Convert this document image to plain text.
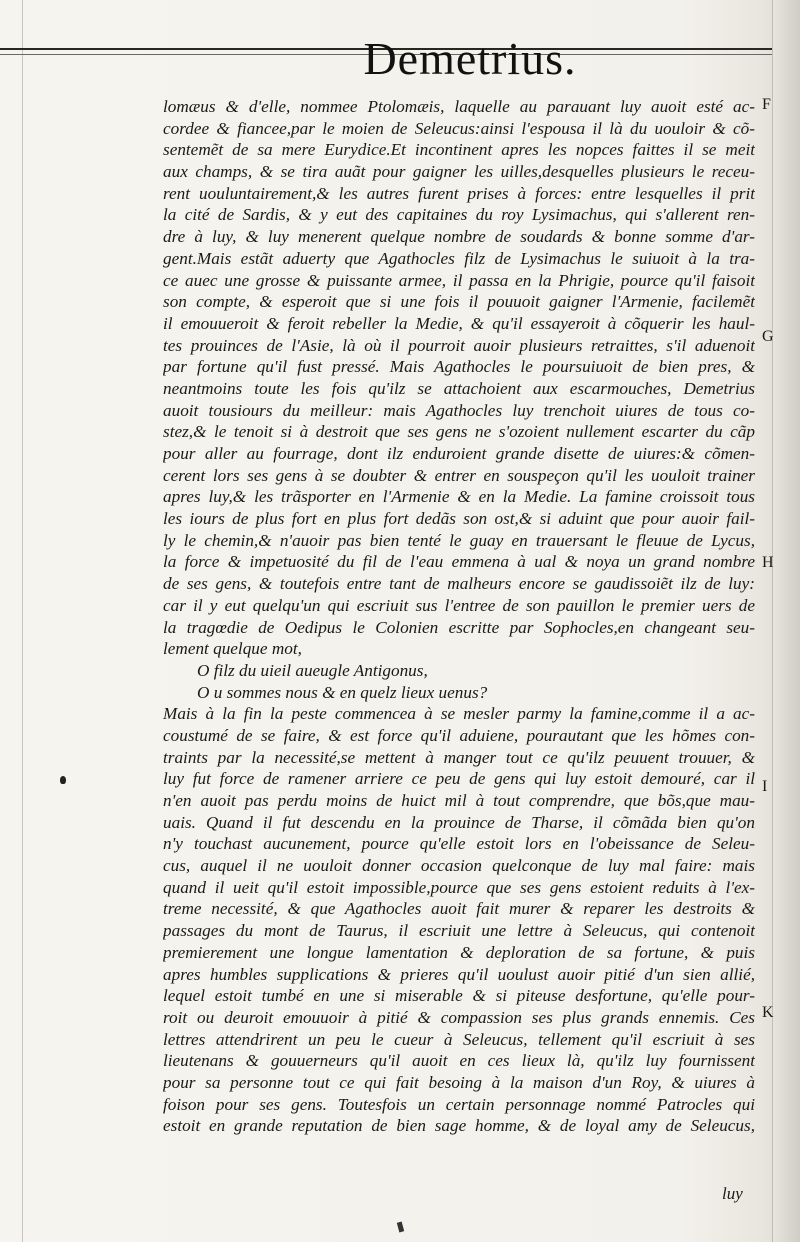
Demetrius.
lomæus & d'elle, nommee Ptolomæis, laquelle au parauant luy auoit esté ac-
cordee & fiancee,par le moien de Seleucus:ainsi l'espousa il là du uouloir & cõ-
sentemẽt de sa mere Eurydice.Et incontinent apres les nopces faittes il se meit
aux champs, & se tira auãt pour gaigner les uilles,desquelles plusieurs le receu-
rent uouluntairement,& les autres furent prises à forces: entre lesquelles il prit
la cité de Sardis, & y eut des capitaines du roy Lysimachus, qui s'allerent ren-
dre à luy, & luy menerent quelque nombre de soudards & bonne somme d'ar-
gent.Mais estãt aduerty que Agathocles filz de Lysimachus le suiuoit à la tra-
ce auec une grosse & puissante armee, il passa en la Phrigie, pource qu'il faisoit
son compte, & esperoit que si une fois il pouuoit gaigner l'Armenie, facilemẽt
il emouueroit & feroit rebeller la Medie, & qu'il essayeroit à cõquerir les haul-
tes prouinces de l'Asie, là où il pourroit auoir plusieurs retraittes, s'il aduenoit
par fortune qu'il fust pressé. Mais Agathocles le poursuiuoit de bien pres, &
neantmoins toute les fois qu'ilz se attachoient aux escarmouches, Demetrius
auoit tousiours du meilleur: mais Agathocles luy trenchoit uiures de tous co-
stez,& le tenoit si à destroit que ses gens ne s'ozoient nullement escarter du cãp
pour aller au fourrage, dont ilz enduroient grande disette de uiures:& cõmen-
cerent lors ses gens à se doubter & entrer en souspeçon qu'il les uouloit trainer
apres luy,& les trãsporter en l'Armenie & en la Medie. La famine croissoit tous
les iours de plus fort en plus fort dedãs son ost,& si aduint que pour auoir fail-
ly le chemin,& n'auoir pas bien tenté le guay en trauersant le fleuue de Lycus,
la force & impetuosité du fil de l'eau emmena à ual & noya un grand nombre
de ses gens, & toutefois entre tant de malheurs encore se gaudissoiẽt ilz de luy:
car il y eut quelqu'un qui escriuit sus l'entree de son pauillon le premier uers de
la tragœdie de Oedipus le Colonien escritte par Sophocles,en changeant seu-
lement quelque mot,
O filz du uieil aueugle Antigonus,
O u sommes nous & en quelz lieux uenus?
Mais à la fin la peste commencea à se mesler parmy la famine,comme il a ac-
coustumé de se faire, & est force qu'il aduiene, pourautant que les hõmes con-
traints par la necessité,se mettent à manger tout ce qu'ilz peuuent trouuer, &
luy fut force de ramener arriere ce peu de gens qui luy estoit demouré, car il
n'en auoit pas perdu moins de huict mil à tout comprendre, que bõs,que mau-
uais. Quand il fut descendu en la prouince de Tharse, il cõmãda bien qu'on
n'y touchast aucunement, pource qu'elle estoit lors en l'obeissance de Seleu-
cus, auquel il ne uouloit donner occasion quelconque de luy mal faire: mais
quand il ueit qu'il estoit impossible,pource que ses gens estoient reduits à l'ex-
treme necessité, & que Agathocles auoit fait murer & reparer les destroits &
passages du mont de Taurus, il escriuit une lettre à Seleucus, qui contenoit
premierement une longue lamentation & deploration de sa fortune, & puis
apres humbles supplications & prieres qu'il uoulust auoir pitié d'un sien allié,
lequel estoit tumbé en une si miserable & si piteuse desfortune, qu'elle pour-
roit ou deuroit emouuoir à pitié & compassion ses plus grands ennemis. Ces
lettres attendrirent un peu le cueur à Seleucus, tellement qu'il escriuit à ses
lieutenans & gouuerneurs qu'il auoit en ces lieux là, qu'ilz luy fournissent
pour sa personne tout ce qui fait besoing à la maison d'un Roy, & uiures à
foison pour ses gens. Toutesfois un certain personnage nommé Patrocles qui
estoit en grande reputation de bien sage homme, & de loyal amy de Seleucus,
F
G
H
I
K
luy
